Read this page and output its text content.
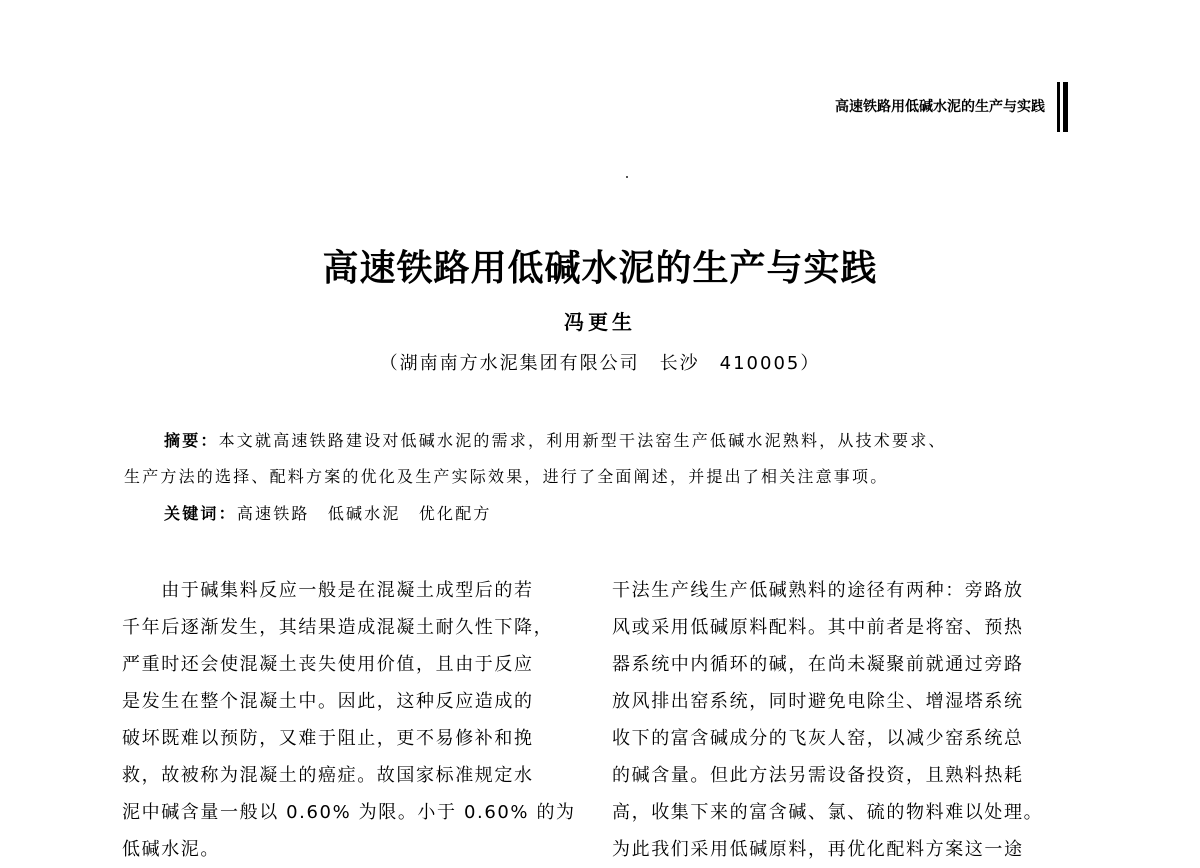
高速铁路用低碱水泥的生产与实践
高速铁路用低碱水泥的生产与实践
冯更生
（湖南南方水泥集团有限公司　长沙　410005）
摘要：本文就高速铁路建设对低碱水泥的需求，利用新型干法窑生产低碱水泥熟料，从技术要求、
生产方法的选择、配料方案的优化及生产实际效果，进行了全面阐述，并提出了相关注意事项。
关键词：高速铁路　低碱水泥　优化配方
　　由于碱集料反应一般是在混凝土成型后的若
千年后逐渐发生，其结果造成混凝土耐久性下降，
严重时还会使混凝土丧失使用价值，且由于反应
是发生在整个混凝土中。因此，这种反应造成的
破坏既难以预防，又难于阻止，更不易修补和挽
救，故被称为混凝土的癌症。故国家标准规定水
泥中碱含量一般以 0.60% 为限。小于 0.60% 的为
低碱水泥。
干法生产线生产低碱熟料的途径有两种：旁路放
风或采用低碱原料配料。其中前者是将窑、预热
器系统中内循环的碱，在尚未凝聚前就通过旁路
放风排出窑系统，同时避免电除尘、增湿塔系统
收下的富含碱成分的飞灰人窑，以减少窑系统总
的碱含量。但此方法另需设备投资，且熟料热耗
高，收集下来的富含碱、氯、硫的物料难以处理。
为此我们采用低碱原料，再优化配料方案这一途
